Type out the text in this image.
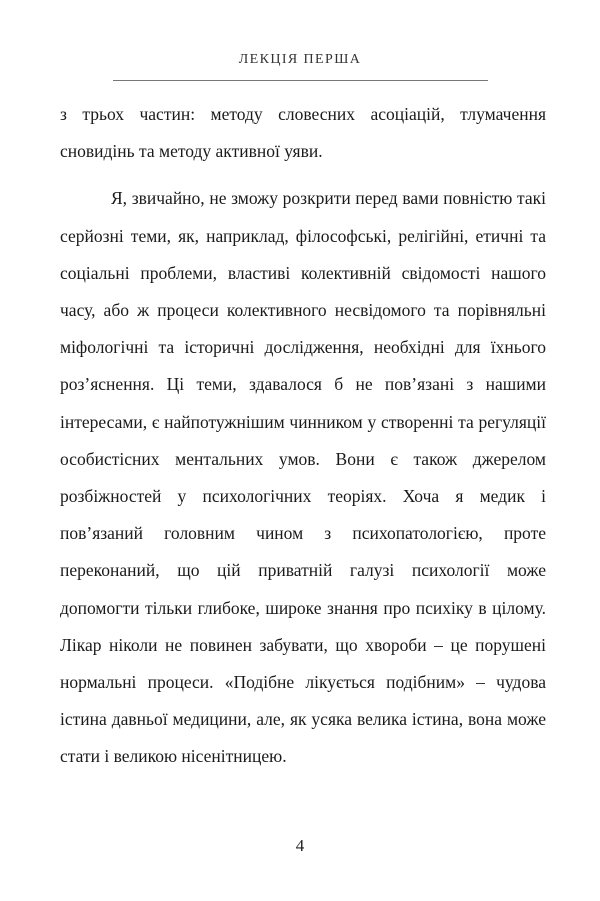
ЛЕКЦІЯ ПЕРША

з трьох частин: методу словесних асоціацій, тлумачення сновидінь та методу активної уяви.

Я, звичайно, не зможу розкрити перед вами повністю такі серйозні теми, як, наприклад, філософські, релігійні, етичні та соціальні проблеми, властиві колективній свідомості нашого часу, або ж процеси колективного несвідомого та порівняльні міфологічні та історичні дослідження, необхідні для їхнього роз’яснення. Ці теми, здавалося б не пов’язані з нашими інтересами, є найпотужнішим чинником у створенні та регуляції особистісних ментальних умов. Вони є також джерелом розбіжностей у психологічних теоріях. Хоча я медик і пов’язаний головним чином з психопатологією, проте переконаний, що цій приватній галузі психології може допомогти тільки глибоке, широке знання про психіку в цілому. Лікар ніколи не повинен забувати, що хвороби – це порушені нормальні процеси. «Подібне лікується подібним» – чудова істина давньої медицини, але, як усяка велика істина, вона може стати і великою нісенітницею.

4
